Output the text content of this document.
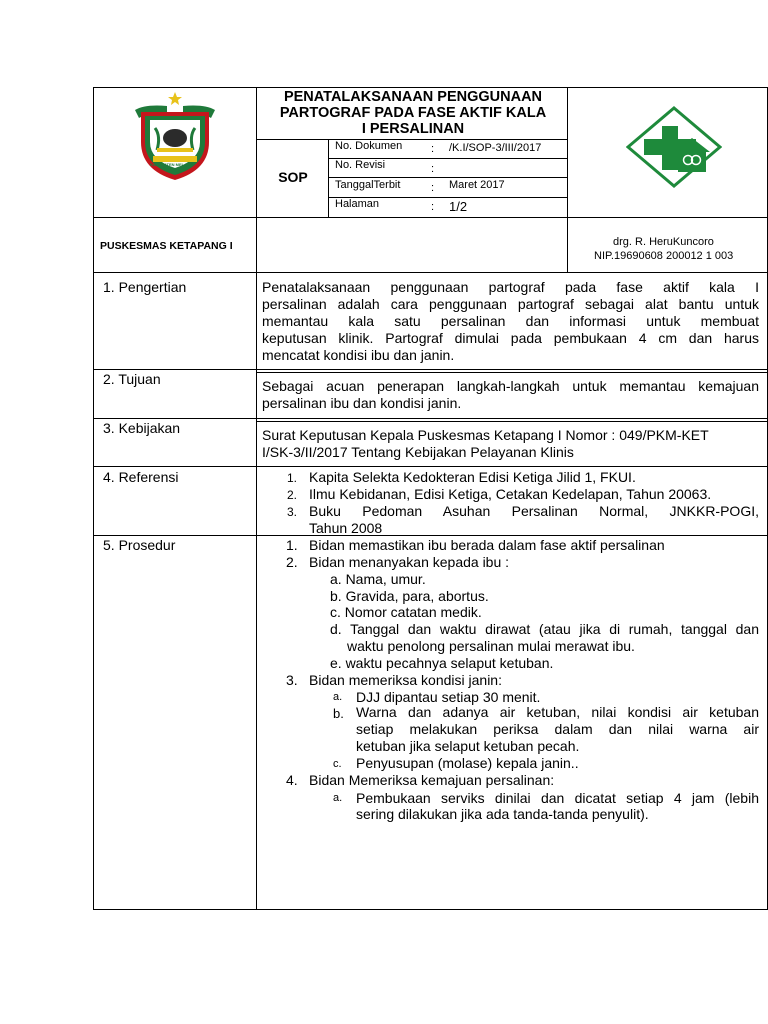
KABUPATEN MELAWI
PENATALAKSANAAN PENGGUNAAN
PARTOGRAF PADA FASE AKTIF KALA
I PERSALINAN
SOP
No. Dokumen	: /K.I/SOP-3/III/2017
No. Revisi	:
TanggalTerbit	: Maret 2017
Halaman	: 1/2
PUSKESMAS KETAPANG I	drg. R. HeruKuncoro
NIP.19690608 200012 1 003
1. Pengertian	Penatalaksanaan penggunaan partograf pada fase aktif kala I
persalinan adalah cara penggunaan partograf sebagai alat bantu untuk
memantau kala satu persalinan dan informasi untuk membuat
keputusan klinik. Partograf dimulai pada pembukaan 4 cm dan harus
mencatat kondisi ibu dan janin.
2. Tujuan	Sebagai acuan penerapan langkah-langkah untuk memantau kemajuan
persalinan ibu dan kondisi janin.
3. Kebijakan	Surat Keputusan Kepala Puskesmas Ketapang I Nomor : 049/PKM-KET
I/SK-3/II/2017 Tentang Kebijakan Pelayanan Klinis
4. Referensi	1. Kapita Selekta Kedokteran Edisi Ketiga Jilid 1, FKUI.
2. Ilmu Kebidanan, Edisi Ketiga, Cetakan Kedelapan, Tahun 20063.
3. Buku Pedoman Asuhan Persalinan Normal, JNKKR-POGI,
Tahun 2008
5. Prosedur	1. Bidan memastikan ibu berada dalam fase aktif persalinan
2. Bidan menanyakan kepada ibu :
a. Nama, umur.
b. Gravida, para, abortus.
c. Nomor catatan medik.
d. Tanggal dan waktu dirawat (atau jika di rumah, tanggal dan
waktu penolong persalinan mulai merawat ibu.
e. waktu pecahnya selaput ketuban.
3. Bidan memeriksa kondisi janin:
a. DJJ dipantau setiap 30 menit.
b. Warna dan adanya air ketuban, nilai kondisi air ketuban
setiap melakukan periksa dalam dan nilai warna air
ketuban jika selaput ketuban pecah.
c. Penyusupan (molase) kepala janin..
4. Bidan Memeriksa kemajuan persalinan:
a. Pembukaan serviks dinilai dan dicatat setiap 4 jam (lebih
sering dilakukan jika ada tanda-tanda penyulit).
